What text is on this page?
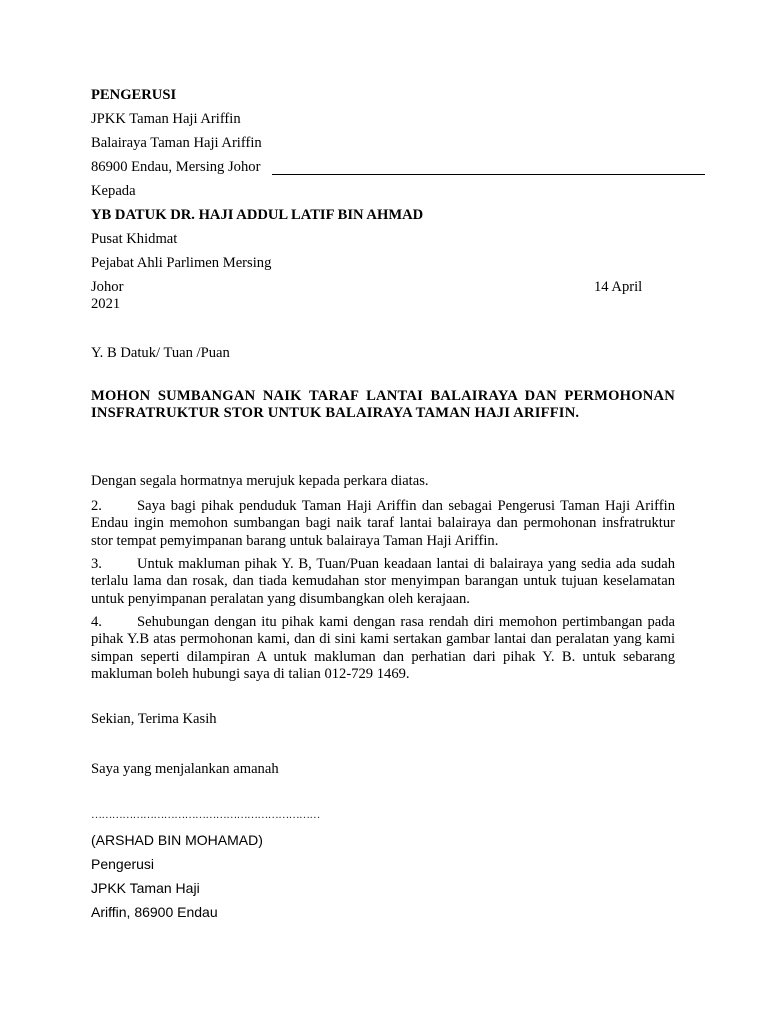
PENGERUSI
JPKK Taman Haji Ariffin
Balairaya Taman Haji Ariffin
86900 Endau, Mersing Johor
Kepada
YB DATUK DR. HAJI ADDUL LATIF BIN AHMAD
Pusat Khidmat
Pejabat Ahli Parlimen Mersing
Johor	14 April
2021
Y. B Datuk/ Tuan /Puan
MOHON SUMBANGAN NAIK TARAF LANTAI BALAIRAYA DAN PERMOHONAN INSFRATRUKTUR STOR UNTUK BALAIRAYA TAMAN HAJI ARIFFIN.
Dengan segala hormatnya merujuk kepada perkara diatas.
2. Saya bagi pihak penduduk Taman Haji Ariffin dan sebagai Pengerusi Taman Haji Ariffin Endau ingin memohon sumbangan bagi naik taraf lantai balairaya dan permohonan insfratruktur stor tempat pemyimpanan barang untuk balairaya Taman Haji Ariffin.
3. Untuk makluman pihak Y. B, Tuan/Puan keadaan lantai di balairaya yang sedia ada sudah terlalu lama dan rosak, dan tiada kemudahan stor menyimpan barangan untuk tujuan keselamatan untuk penyimpanan peralatan yang disumbangkan oleh kerajaan.
4. Sehubungan dengan itu pihak kami dengan rasa rendah diri memohon pertimbangan pada pihak Y.B atas permohonan kami, dan di sini kami sertakan gambar lantai dan peralatan yang kami simpan seperti dilampiran A untuk makluman dan perhatian dari pihak Y. B. untuk sebarang makluman boleh hubungi saya di talian 012-729 1469.
Sekian, Terima Kasih
Saya yang menjalankan amanah
…………………………………………………………
(ARSHAD BIN MOHAMAD)
Pengerusi
JPKK Taman Haji
Ariffin, 86900 Endau
